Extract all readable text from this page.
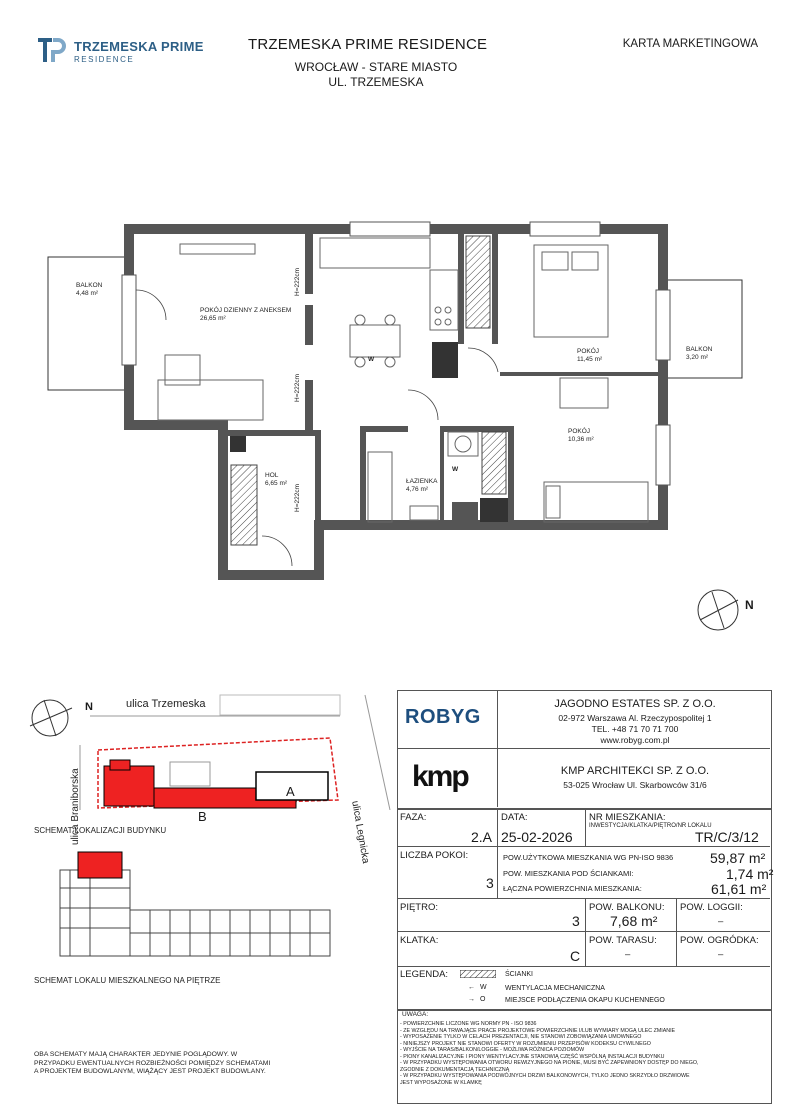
TRZEMESKA PRIME
RESIDENCE
TRZEMESKA PRIME RESIDENCE
WROCŁAW - STARE MIASTO
UL. TRZEMESKA
KARTA MARKETINGOWA
BALKON
4,48 m²
BALKON
3,20 m²
POKÓJ DZIENNY Z ANEKSEM
26,65 m²
POKÓJ
11,45 m²
POKÓJ
10,36 m²
HOL
6,65 m²	ŁAZIENKA
4,76 m²
H=222cm
H=222cm
H=222cm
W
W
N
ulica Trzemeska
ulica Braniborska	ulica Legnicka
B
A
N
SCHEMAT LOKALIZACJI BUDYNKU
SCHEMAT LOKALU MIESZKALNEGO NA PIĘTRZE
OBA SCHEMATY MAJĄ CHARAKTER JEDYNIE POGLĄDOWY. W PRZYPADKU EWENTUALNYCH ROZBIEŻNOŚCI POMIĘDZY SCHEMATAMI A PROJEKTEM BUDOWLANYM, WIĄŻĄCY JEST PROJEKT BUDOWLANY.
ROBYG
kmp
JAGODNO ESTATES SP. Z O.O.
02-972 Warszawa Al. Rzeczypospolitej 1
TEL. +48 71 70 71 700
www.robyg.com.pl
KMP ARCHITEKCI SP. Z O.O.
53-025 Wrocław Ul. Skarbowców 31/6
FAZA:
2.A
DATA:
25-02-2026
NR MIESZKANIA:
INWESTYCJA/KLATKA/PIĘTRO/NR LOKALU
TR/C/3/12
LICZBA POKOI:
3
POW.UŻYTKOWA MIESZKANIA WG PN-ISO 9836	59,87 m²
POW. MIESZKANIA POD ŚCIANKAMI:	1,74 m²
ŁĄCZNA POWIERZCHNIA MIESZKANIA:	61,61 m²
PIĘTRO:
3
POW. BALKONU:
7,68 m²
POW. LOGGII:
–
KLATKA:
C
POW. TARASU:
–
POW. OGRÓDKA:
–
LEGENDA:	ŚCIANKI
← W	WENTYLACJA MECHANICZNA
→ O	MIEJSCE PODŁĄCZENIA OKAPU KUCHENNEGO
UWAGA:
- POWIERZCHNIE LICZONE WG NORMY PN - ISO 9836
- ZE WZGLĘDU NA TRWAJĄCE PRACE PROJEKTOWE POWIERZCHNIE I/LUB WYMIARY MOGĄ ULEC ZMIANIE
- WYPOSAŻENIE TYLKO W CELACH PREZENTACJI, NIE STANOWI ZOBOWIĄZANIA UMOWNEGO
- NINIEJSZY PROJEKT NIE STANOWI OFERTY W ROZUMIENIU PRZEPISÓW KODEKSU CYWILNEGO
- WYJŚCIE NA TARAS/BALKON/LOGGIE - MOŻLIWA RÓŻNICA POZIOMÓW
- PIONY KANALIZACYJNE I PIONY WENTYLACYJNE STANOWIĄ CZĘŚĆ WSPÓLNĄ INSTALACJI BUDYNKU
- W PRZYPADKU WYSTĘPOWANIA OTWORU REWIZYJNEGO NA PIONIE, MUSI BYĆ ZAPEWNIONY DOSTĘP DO NIEGO, ZGODNIE Z DOKUMENTACJĄ TECHNICZNĄ
- W PRZYPADKU WYSTĘPOWANIA PODWÓJNYCH DRZWI BALKONOWYCH, TYLKO JEDNO SKRZYDŁO DRZWIOWE JEST WYPOSAŻONE W KLAMKĘ
